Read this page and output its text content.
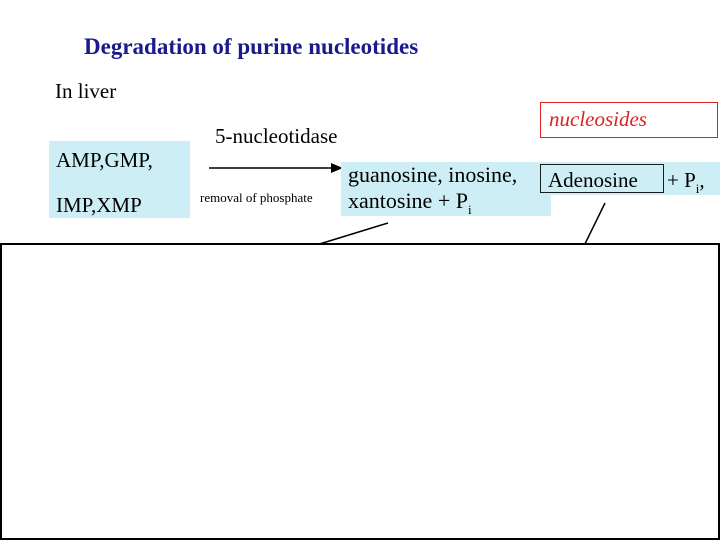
Degradation of purine nucleotides
In liver
AMP,GMP,
IMP,XMP
5-nucleotidase
removal of phosphate
nucleosides
guanosine, inosine,
xantosine + $P_i$
Adenosine + $P_i$,
